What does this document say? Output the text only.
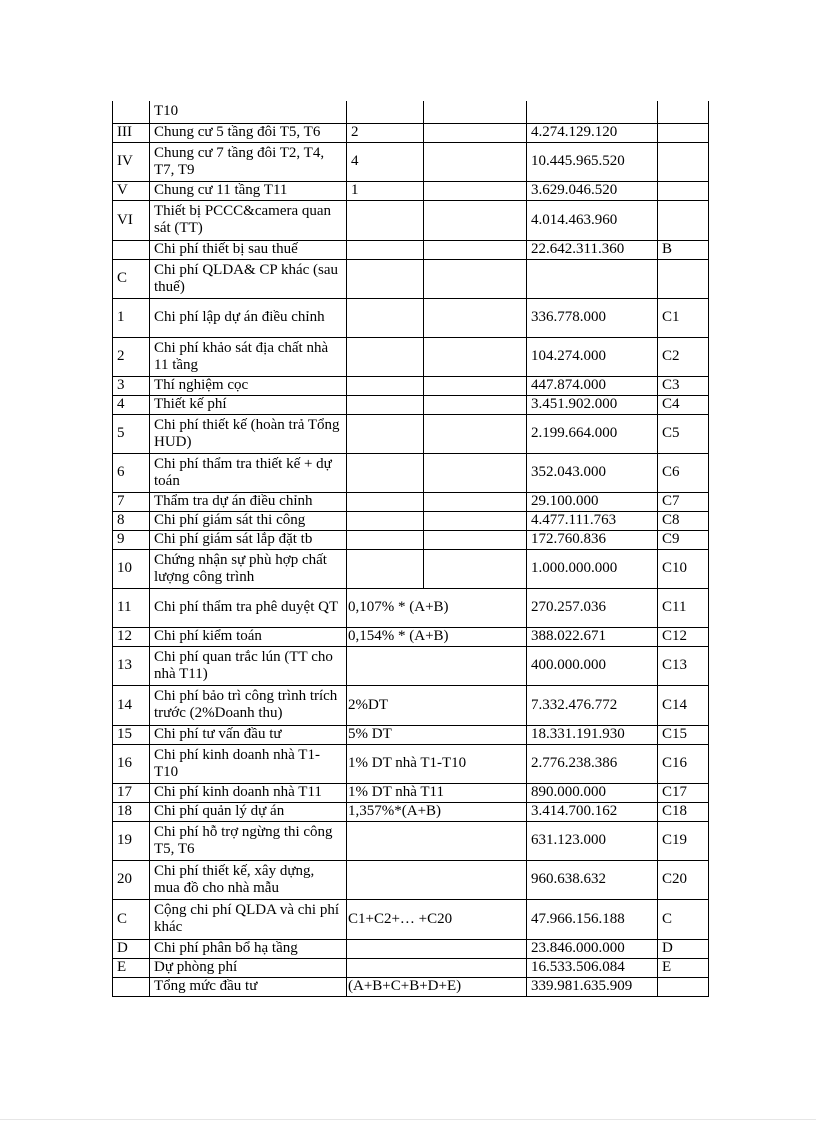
	T10				
III	Chung cư 5 tầng đôi T5, T6	2		4.274.129.120	
IV	Chung cư 7 tầng đôi T2, T4, T7, T9	4		10.445.965.520	
V	Chung cư 11 tầng T11	1		3.629.046.520	
VI	Thiết bị PCCC&camera quan sát (TT)			4.014.463.960	
	Chi phí thiết bị sau thuế			22.642.311.360	B
C	Chi phí QLDA& CP khác (sau thuế)				
1	Chi phí lập dự án điều chỉnh			336.778.000	C1
2	Chi phí khảo sát địa chất nhà 11 tầng			104.274.000	C2
3	Thí nghiệm cọc			447.874.000	C3
4	Thiết kế phí			3.451.902.000	C4
5	Chi phí thiết kế (hoàn trả Tổng HUD)			2.199.664.000	C5
6	Chi phí thẩm tra thiết kế + dự toán			352.043.000	C6
7	Thẩm tra dự án điều chỉnh			29.100.000	C7
8	Chi phí giám sát thi công			4.477.111.763	C8
9	Chi phí giám sát lắp đặt tb			172.760.836	C9
10	Chứng nhận sự phù hợp chất lượng công trình			1.000.000.000	C10
11	Chi phí thẩm tra phê duyệt QT	0,107% * (A+B)		270.257.036	C11
12	Chi phí kiểm toán	0,154% * (A+B)		388.022.671	C12
13	Chi phí quan trắc lún (TT cho nhà T11)			400.000.000	C13
14	Chi phí bảo trì công trình trích trước (2%Doanh thu)	2%DT		7.332.476.772	C14
15	Chi phí tư vấn đầu tư	5% DT		18.331.191.930	C15
16	Chi phí kinh doanh nhà T1-T10	1% DT nhà T1-T10		2.776.238.386	C16
17	Chi phí kinh doanh nhà T11	1% DT nhà T11		890.000.000	C17
18	Chi phí quản lý dự án	1,357%*(A+B)		3.414.700.162	C18
19	Chi phí hỗ trợ ngừng thi công T5, T6			631.123.000	C19
20	Chi phí thiết kế, xây dựng, mua đồ cho nhà mẫu			960.638.632	C20
C	Cộng chi phí QLDA và chi phí khác	C1+C2+… +C20		47.966.156.188	C
D	Chi phí phân bổ hạ tầng			23.846.000.000	D
E	Dự phòng phí			16.533.506.084	E
	Tổng mức đầu tư	(A+B+C+B+D+E)		339.981.635.909	
